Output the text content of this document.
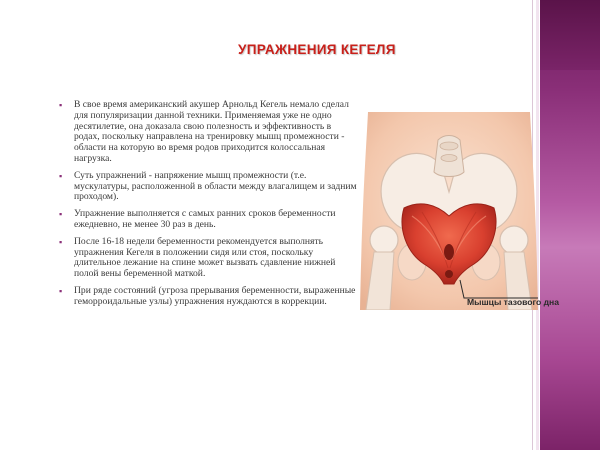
УПРАЖНЕНИЯ КЕГЕЛЯ
▪ В свое время американский акушер Арнольд Кегель немало сделал для популяризации данной техники. Применяемая уже не одно десятилетие, она доказала свою полезность и эффективность в родах, поскольку направлена на тренировку мышц промежности - области на которую во время родов приходится колоссальная нагрузка.
▪ Суть упражнений - напряжение мышц промежности (т.е. мускулатуры, расположенной в области между влагалищем и задним проходом).
▪ Упражнение выполняется с самых ранних сроков беременности ежедневно, не менее 30 раз в день.
▪ После 16-18 недели беременности рекомендуется выполнять упражнения Кегеля в положении сидя или стоя, поскольку длительное лежание на спине может вызвать сдавление нижней полой вены беременной маткой.
▪ При ряде состояний (угроза прерывания беременности, выраженные геморроидальные узлы) упражнения нуждаются в коррекции.	Мышцы тазового дна
